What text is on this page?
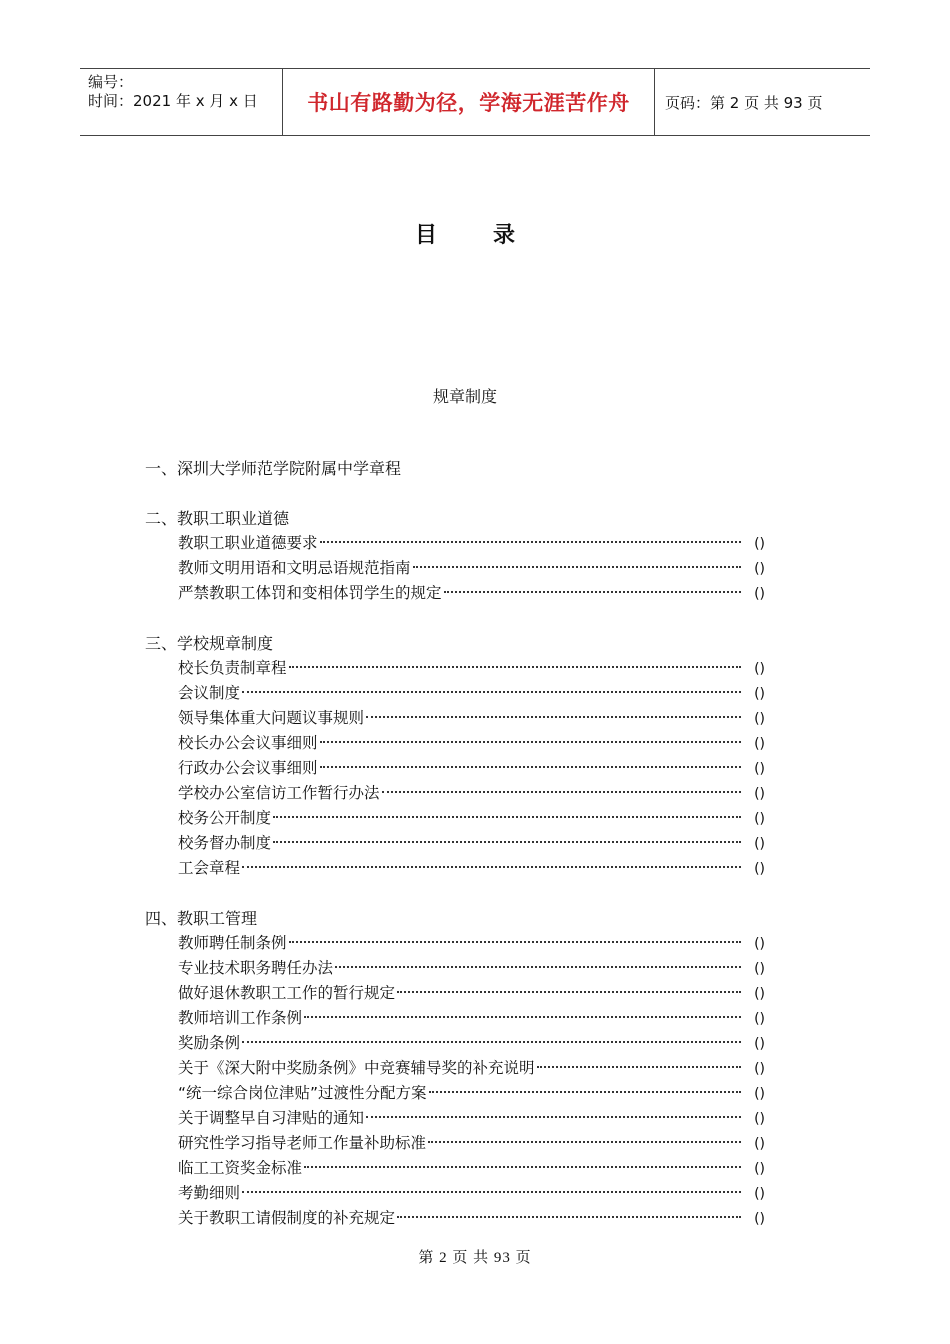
编号：
时间：2021 年 x 月 x 日	书山有路勤为径，学海无涯苦作舟	页码：第 2 页 共 93 页
目录
规章制度
一、深圳大学师范学院附属中学章程
二、教职工职业道德
教职工职业道德要求	()
教师文明用语和文明忌语规范指南	()
严禁教职工体罚和变相体罚学生的规定	()
三、学校规章制度
校长负责制章程	()
会议制度	()
领导集体重大问题议事规则	()
校长办公会议事细则	()
行政办公会议事细则	()
学校办公室信访工作暂行办法	()
校务公开制度	()
校务督办制度	()
工会章程	()
四、教职工管理
教师聘任制条例	()
专业技术职务聘任办法	()
做好退休教职工工作的暂行规定	()
教师培训工作条例	()
奖励条例	()
关于《深大附中奖励条例》中竞赛辅导奖的补充说明	()
“统一综合岗位津贴”过渡性分配方案	()
关于调整早自习津贴的通知	()
研究性学习指导老师工作量补助标准	()
临工工资奖金标准	()
考勤细则	()
关于教职工请假制度的补充规定	()
第 2 页 共 93 页
